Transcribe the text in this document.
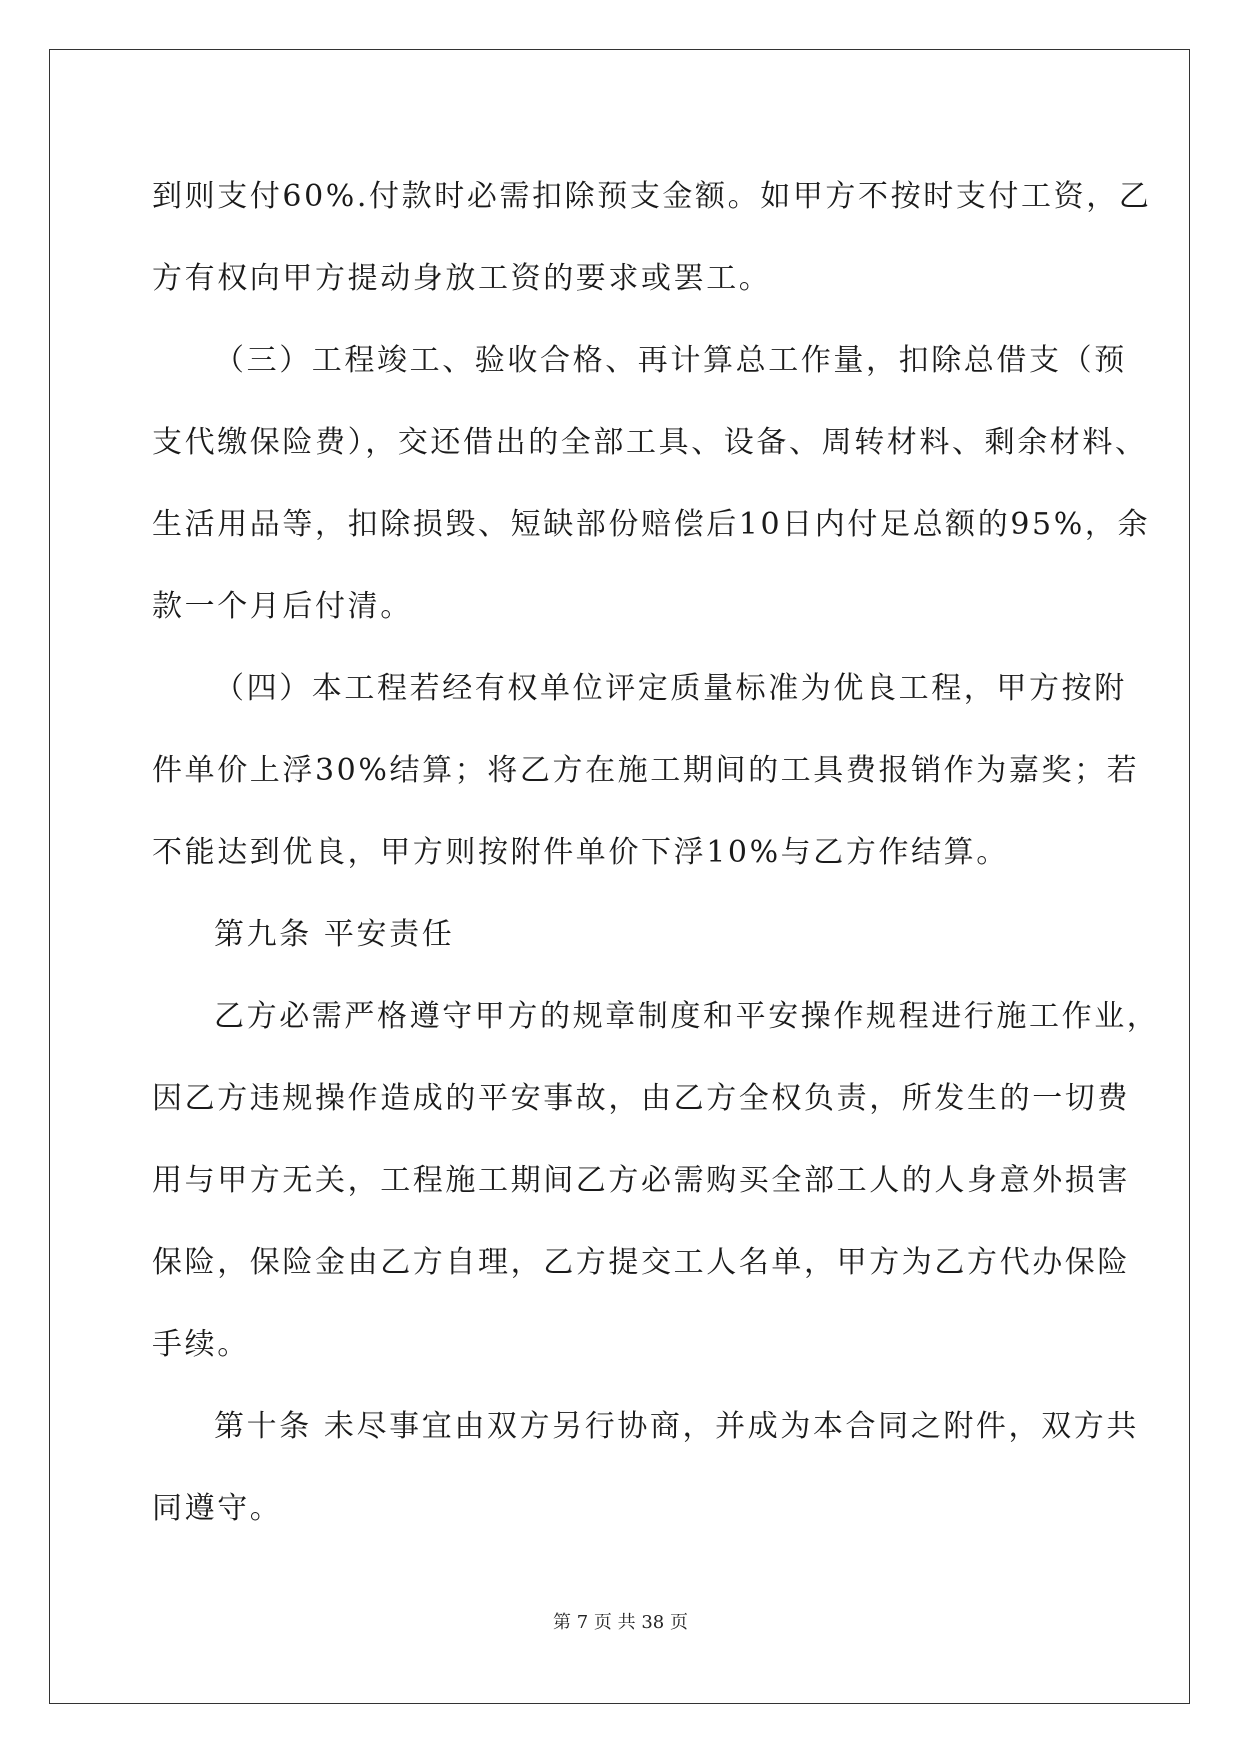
到则支付60%.付款时必需扣除预支金额。如甲方不按时支付工资，乙
方有权向甲方提动身放工资的要求或罢工。
（三）工程竣工、验收合格、再计算总工作量，扣除总借支（预
支代缴保险费），交还借出的全部工具、设备、周转材料、剩余材料、
生活用品等，扣除损毁、短缺部份赔偿后10日内付足总额的95%，余
款一个月后付清。
（四）本工程若经有权单位评定质量标准为优良工程，甲方按附
件单价上浮30%结算；将乙方在施工期间的工具费报销作为嘉奖；若
不能达到优良，甲方则按附件单价下浮10%与乙方作结算。
第九条 平安责任
乙方必需严格遵守甲方的规章制度和平安操作规程进行施工作业，
因乙方违规操作造成的平安事故，由乙方全权负责，所发生的一切费
用与甲方无关，工程施工期间乙方必需购买全部工人的人身意外损害
保险，保险金由乙方自理，乙方提交工人名单，甲方为乙方代办保险
手续。
第十条 未尽事宜由双方另行协商，并成为本合同之附件，双方共
同遵守。
第 7 页 共 38 页
